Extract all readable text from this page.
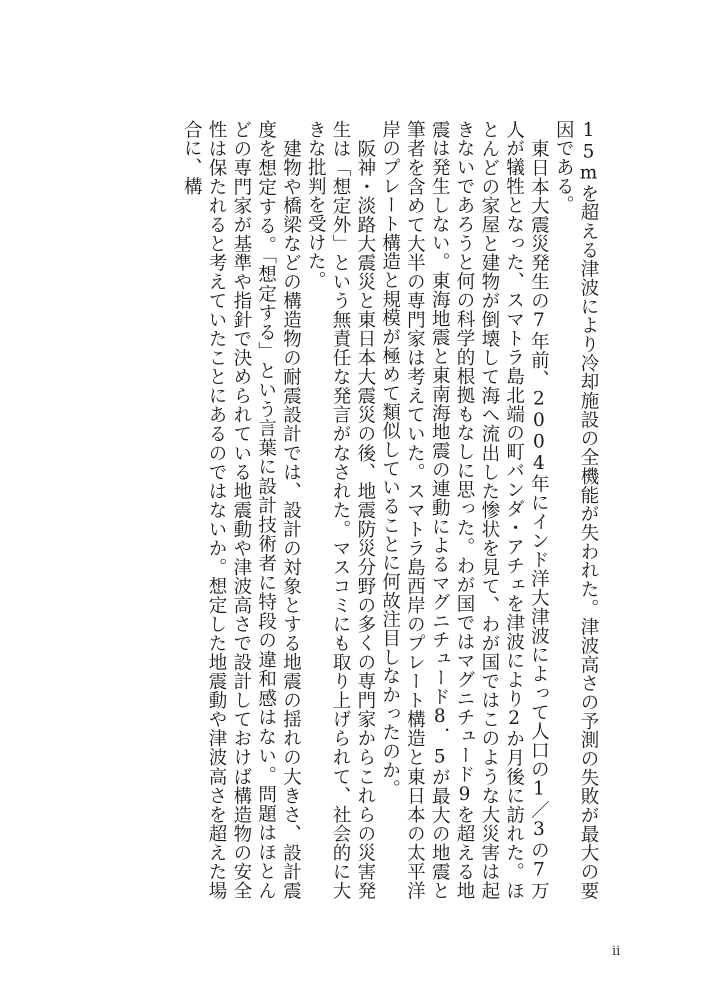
15mを超える津波により冷却施設の全機能が失われた。津波高さの予測の失敗が最大の要因である。

　東日本大震災発生の7年前、2004年にインド洋大津波によって人口の1／3の7万人が犠牲となった、スマトラ島北端の町バンダ・アチェを津波により2か月後に訪れた。ほとんどの家屋と建物が倒壊して海へ流出した惨状を見て、わが国ではこのような大災害は起きないであろうと何の科学的根拠もなしに思った。わが国ではマグニチュード9を超える地震は発生しない。東海地震と東南海地震の連動によるマグニチュード8．5が最大の地震と筆者を含めて大半の専門家は考えていた。スマトラ島西岸のプレート構造と東日本の太平洋岸のプレート構造と規模が極めて類似していることに何故注目しなかったのか。

　阪神・淡路大震災と東日本大震災の後、地震防災分野の多くの専門家からこれらの災害発生は「想定外」という無責任な発言がなされた。マスコミにも取り上げられて、社会的に大きな批判を受けた。

　建物や橋梁などの構造物の耐震設計では、設計の対象とする地震の揺れの大きさ、設計震度を想定する。「想定する」という言葉に設計技術者に特段の違和感はない。問題はほとんどの専門家が基準や指針で決められている地震動や津波高さで設計しておけば構造物の安全性は保たれると考えていたことにあるのではないか。想定した地震動や津波高さを超えた場合に、構

ii
